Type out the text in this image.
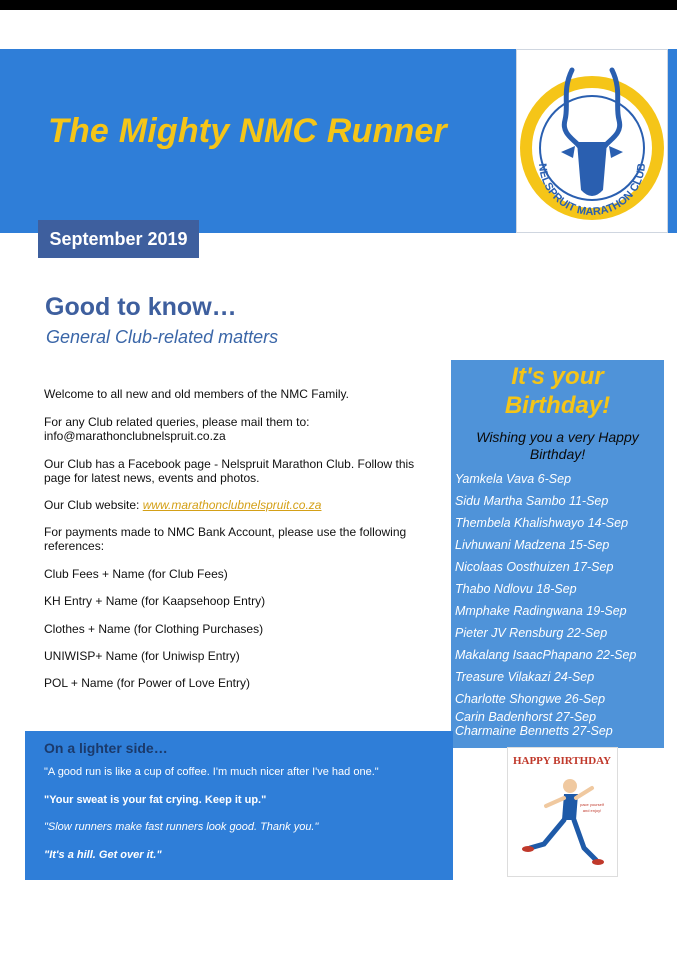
The Mighty NMC Runner
NELSPRUIT MARATHON CLUB
September 2019
Good to know…
General Club-related matters
Welcome to all new and old members of the NMC Family.
For any Club related queries, please mail them to:
info@marathonclubnelspruit.co.za
Our Club has a Facebook page - Nelspruit Marathon Club. Follow this
page for latest news, events and photos.
Our Club website: www.marathonclubnelspruit.co.za
For payments made to NMC Bank Account, please use the following
references:
Club Fees + Name (for Club Fees)
KH Entry + Name (for Kaapsehoop Entry)
Clothes + Name (for Clothing Purchases)
UNIWISP+ Name (for Uniwisp Entry)
POL + Name (for Power of Love Entry)
It's your
Birthday!
Wishing you a very Happy
Birthday!
Yamkela Vava 6-Sep
Sidu Martha Sambo 11-Sep
Thembela Khalishwayo 14-Sep
Livhuwani Madzena 15-Sep
Nicolaas Oosthuizen 17-Sep
Thabo Ndlovu 18-Sep
Mmphake Radingwana 19-Sep
Pieter JV Rensburg 22-Sep
Makalang IsaacPhapano 22-Sep
Treasure Vilakazi 24-Sep
Charlotte Shongwe 26-Sep
Carin Badenhorst 27-Sep
Charmaine Bennetts 27-Sep
HAPPY BIRTHDAY
pace yourself
and enjoy!
On a lighter side…
"A good run is like a cup of coffee. I'm much nicer after I've had one."
"Your sweat is your fat crying. Keep it up."
"Slow runners make fast runners look good. Thank you."
"It's a hill. Get over it."
